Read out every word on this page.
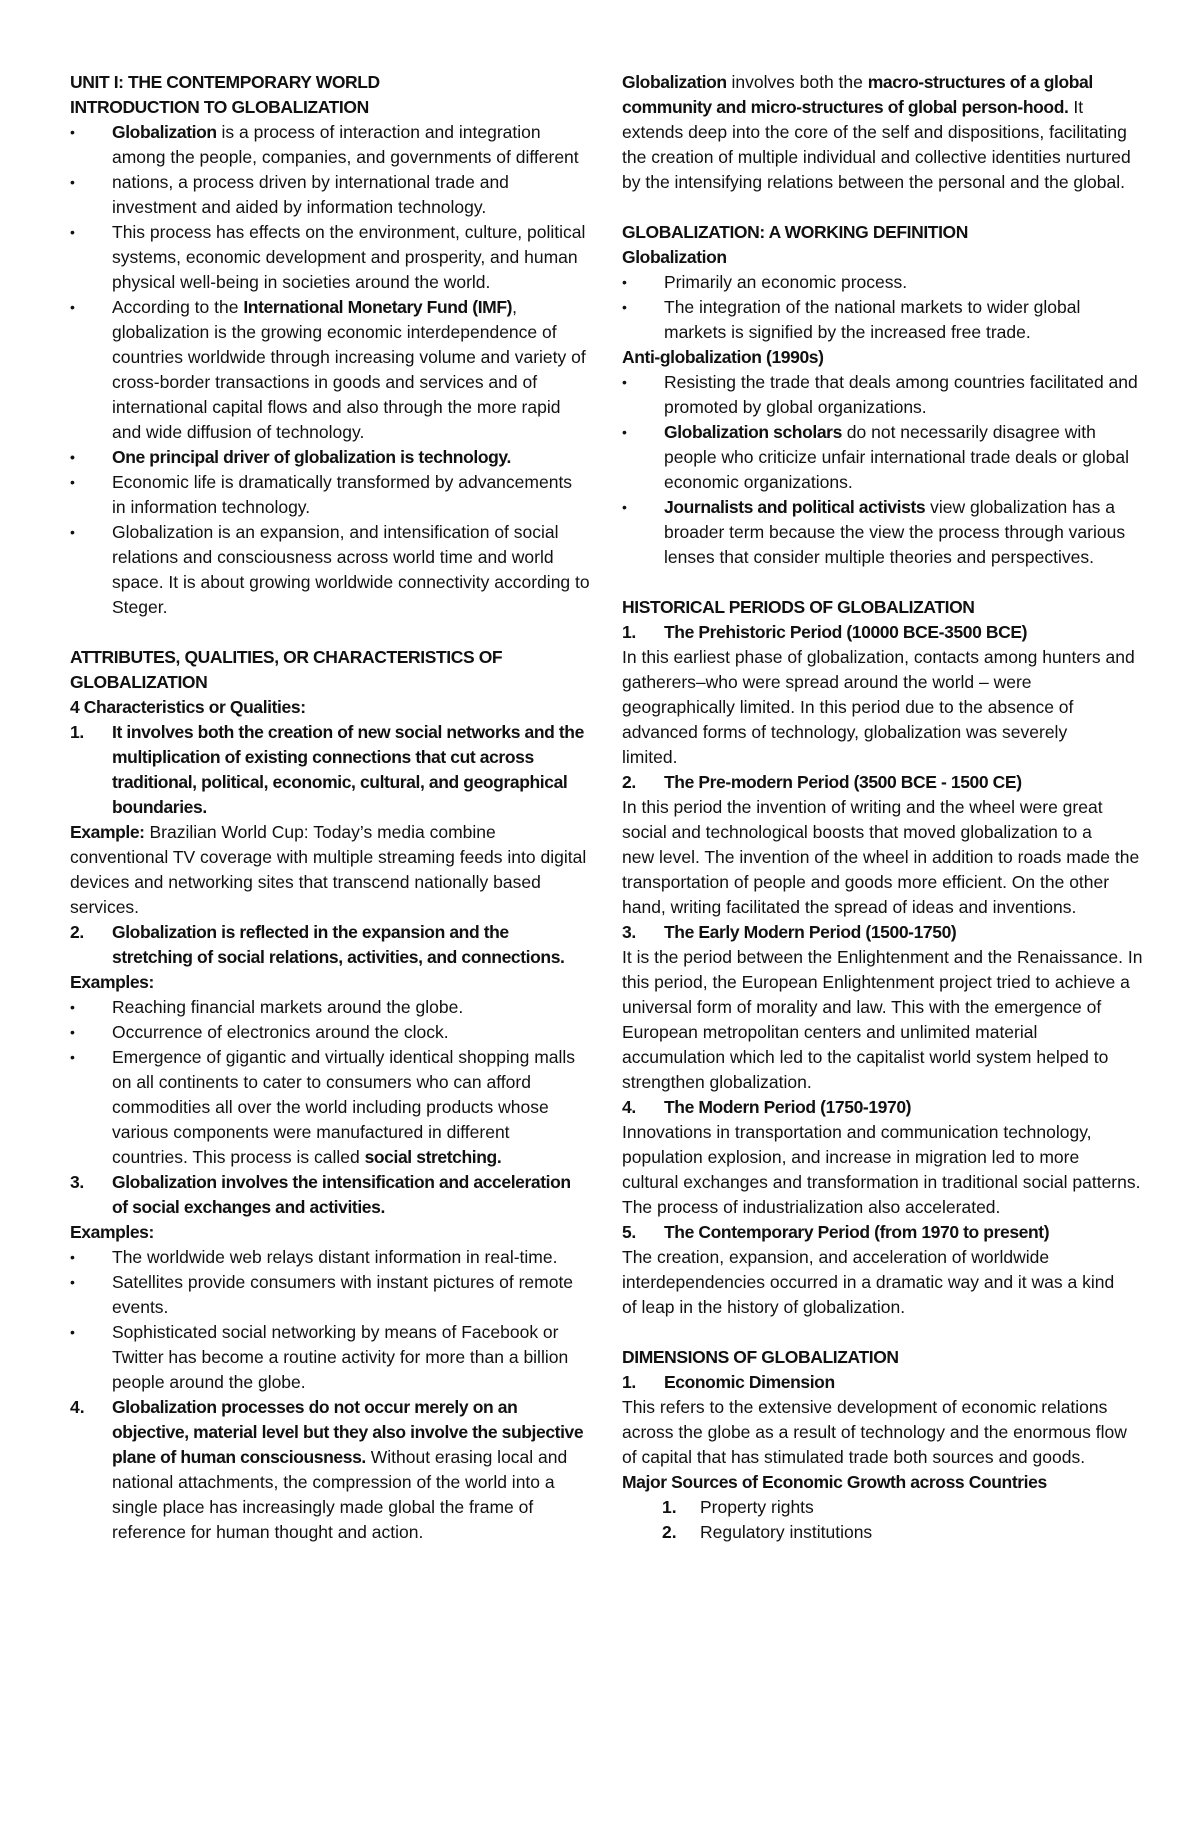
UNIT I: THE CONTEMPORARY WORLD

INTRODUCTION TO GLOBALIZATION

• Globalization is a process of interaction and integration among the people, companies, and governments of different

• nations, a process driven by international trade and investment and aided by information technology.

• This process has effects on the environment, culture, political systems, economic development and prosperity, and human physical well-being in societies around the world.

• According to the International Monetary Fund (IMF), globalization is the growing economic interdependence of countries worldwide through increasing volume and variety of cross-border transactions in goods and services and of international capital flows and also through the more rapid and wide diffusion of technology.

• One principal driver of globalization is technology.

• Economic life is dramatically transformed by advancements in information technology.

• Globalization is an expansion, and intensification of social relations and consciousness across world time and world space. It is about growing worldwide connectivity according to Steger.

ATTRIBUTES, QUALITIES, OR CHARACTERISTICS OF GLOBALIZATION

4 Characteristics or Qualities:

1. It involves both the creation of new social networks and the multiplication of existing connections that cut across traditional, political, economic, cultural, and geographical boundaries.

Example: Brazilian World Cup: Today’s media combine conventional TV coverage with multiple streaming feeds into digital devices and networking sites that transcend nationally based services.

2. Globalization is reflected in the expansion and the stretching of social relations, activities, and connections.

Examples:

• Reaching financial markets around the globe.

• Occurrence of electronics around the clock.

• Emergence of gigantic and virtually identical shopping malls on all continents to cater to consumers who can afford commodities all over the world including products whose various components were manufactured in different countries. This process is called social stretching.

3. Globalization involves the intensification and acceleration of social exchanges and activities.

Examples:

• The worldwide web relays distant information in real-time.

• Satellites provide consumers with instant pictures of remote events.

• Sophisticated social networking by means of Facebook or Twitter has become a routine activity for more than a billion people around the globe.

4. Globalization processes do not occur merely on an objective, material level but they also involve the subjective plane of human consciousness. Without erasing local and national attachments, the compression of the world into a single place has increasingly made global the frame of reference for human thought and action.

Globalization involves both the macro-structures of a global community and micro-structures of global person-hood. It extends deep into the core of the self and dispositions, facilitating the creation of multiple individual and collective identities nurtured by the intensifying relations between the personal and the global.

GLOBALIZATION: A WORKING DEFINITION

Globalization

• Primarily an economic process.

• The integration of the national markets to wider global markets is signified by the increased free trade.

Anti-globalization (1990s)

• Resisting the trade that deals among countries facilitated and promoted by global organizations.

• Globalization scholars do not necessarily disagree with people who criticize unfair international trade deals or global economic organizations.

• Journalists and political activists view globalization has a broader term because the view the process through various lenses that consider multiple theories and perspectives.

HISTORICAL PERIODS OF GLOBALIZATION

1. The Prehistoric Period (10000 BCE-3500 BCE)

In this earliest phase of globalization, contacts among hunters and gatherers–who were spread around the world – were geographically limited. In this period due to the absence of advanced forms of technology, globalization was severely

limited.

2. The Pre-modern Period (3500 BCE - 1500 CE)

In this period the invention of writing and the wheel were great social and technological boosts that moved globalization to a

new level. The invention of the wheel in addition to roads made the transportation of people and goods more efficient. On the other hand, writing facilitated the spread of ideas and inventions.

3. The Early Modern Period (1500-1750)

It is the period between the Enlightenment and the Renaissance. In this period, the European Enlightenment project tried to achieve a universal form of morality and law. This with the emergence of European metropolitan centers and unlimited material accumulation which led to the capitalist world system helped to strengthen globalization.

4. The Modern Period (1750-1970)

Innovations in transportation and communication technology, population explosion, and increase in migration led to more

cultural exchanges and transformation in traditional social patterns. The process of industrialization also accelerated.

5. The Contemporary Period (from 1970 to present)

The creation, expansion, and acceleration of worldwide interdependencies occurred in a dramatic way and it was a kind

of leap in the history of globalization.

DIMENSIONS OF GLOBALIZATION

1. Economic Dimension

This refers to the extensive development of economic relations across the globe as a result of technology and the enormous flow of capital that has stimulated trade both sources and goods.

Major Sources of Economic Growth across Countries

1. Property rights

2. Regulatory institutions
